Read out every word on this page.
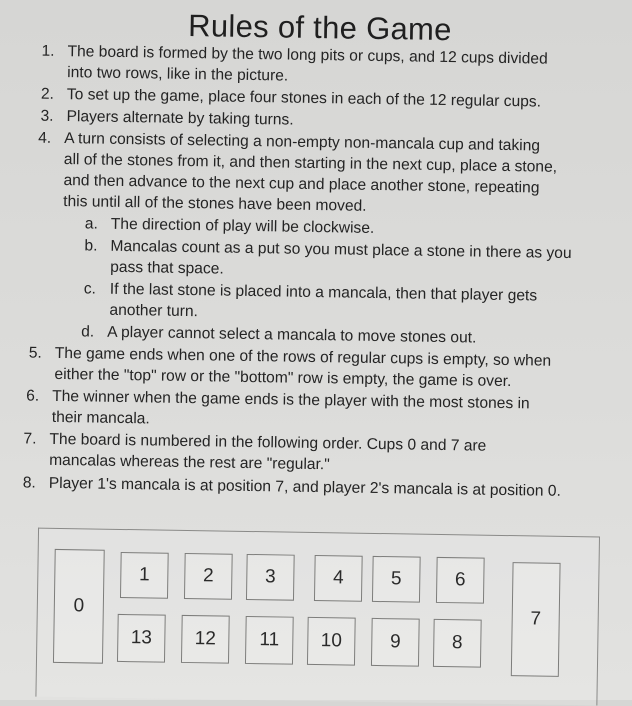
Rules of the Game
1. The board is formed by the two long pits or cups, and 12 cups divided
into two rows, like in the picture.
2. To set up the game, place four stones in each of the 12 regular cups.
3. Players alternate by taking turns.
4. A turn consists of selecting a non-empty non-mancala cup and taking
all of the stones from it, and then starting in the next cup, place a stone,
and then advance to the next cup and place another stone, repeating
this until all of the stones have been moved.
a. The direction of play will be clockwise.
b. Mancalas count as a put so you must place a stone in there as you
pass that space.
c. If the last stone is placed into a mancala, then that player gets
another turn.
d. A player cannot select a mancala to move stones out.
5. The game ends when one of the rows of regular cups is empty, so when
either the "top" row or the "bottom" row is empty, the game is over.
6. The winner when the game ends is the player with the most stones in
their mancala.
7. The board is numbered in the following order. Cups 0 and 7 are
mancalas whereas the rest are "regular."
8. Player 1's mancala is at position 7, and player 2's mancala is at position 0.
0
1	2	3	4	5	6
13	12	11	10	9	8
7
